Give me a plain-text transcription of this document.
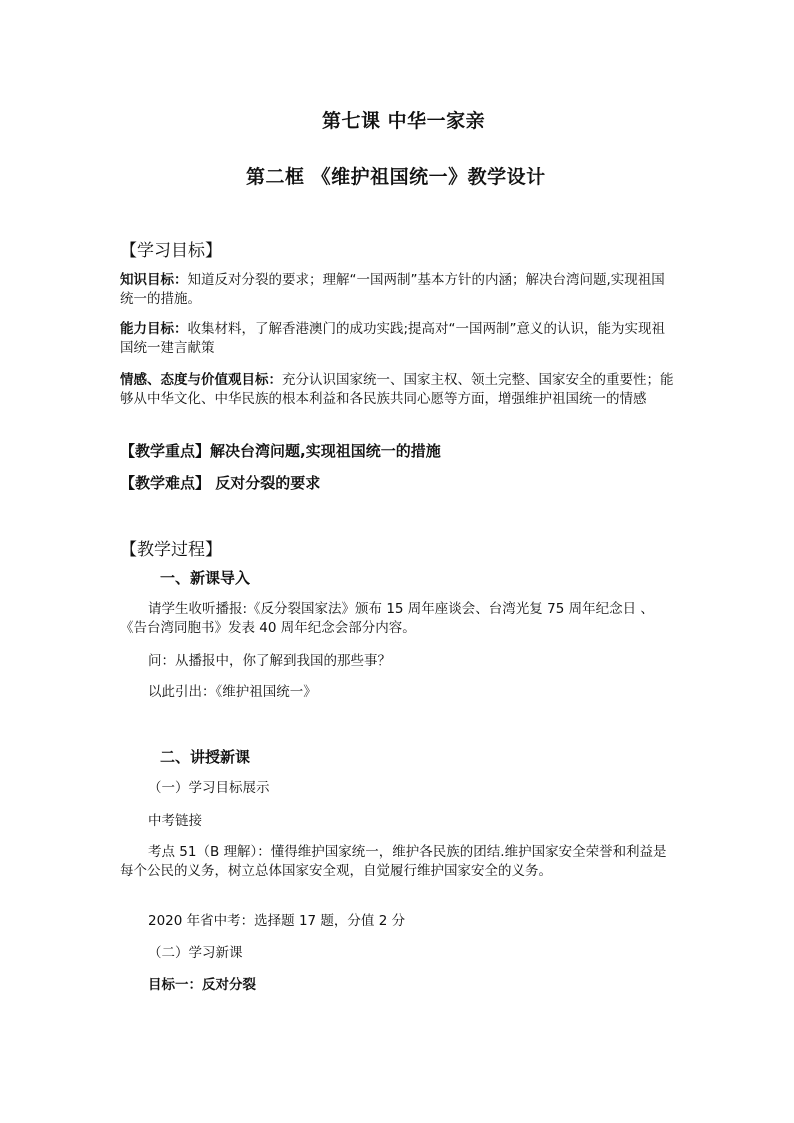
第七课 中华一家亲
第二框 《维护祖国统一》教学设计
【学习目标】
知识目标：知道反对分裂的要求；理解“一国两制”基本方针的内涵；解决台湾问题,实现祖国统一的措施。
能力目标：收集材料，了解香港澳门的成功实践;提高对“一国两制”意义的认识，能为实现祖国统一建言献策
情感、态度与价值观目标：充分认识国家统一、国家主权、领土完整、国家安全的重要性；能够从中华文化、中华民族的根本利益和各民族共同心愿等方面，增强维护祖国统一的情感
【教学重点】解决台湾问题,实现祖国统一的措施
【教学难点】 反对分裂的要求
【教学过程】
一、新课导入
请学生收听播报:《反分裂国家法》颁布 15 周年座谈会、台湾光复 75 周年纪念日 、 《告台湾同胞书》发表 40 周年纪念会部分内容。
问：从播报中，你了解到我国的那些事？
以此引出：《维护祖国统一》
二、讲授新课
（一）学习目标展示
中考链接
考点 51（B 理解）：懂得维护国家统一，维护各民族的团结.维护国家安全荣誉和利益是每个公民的义务，树立总体国家安全观，自觉履行维护国家安全的义务。
2020 年省中考：选择题 17 题，分值 2 分
（二）学习新课
目标一：反对分裂
